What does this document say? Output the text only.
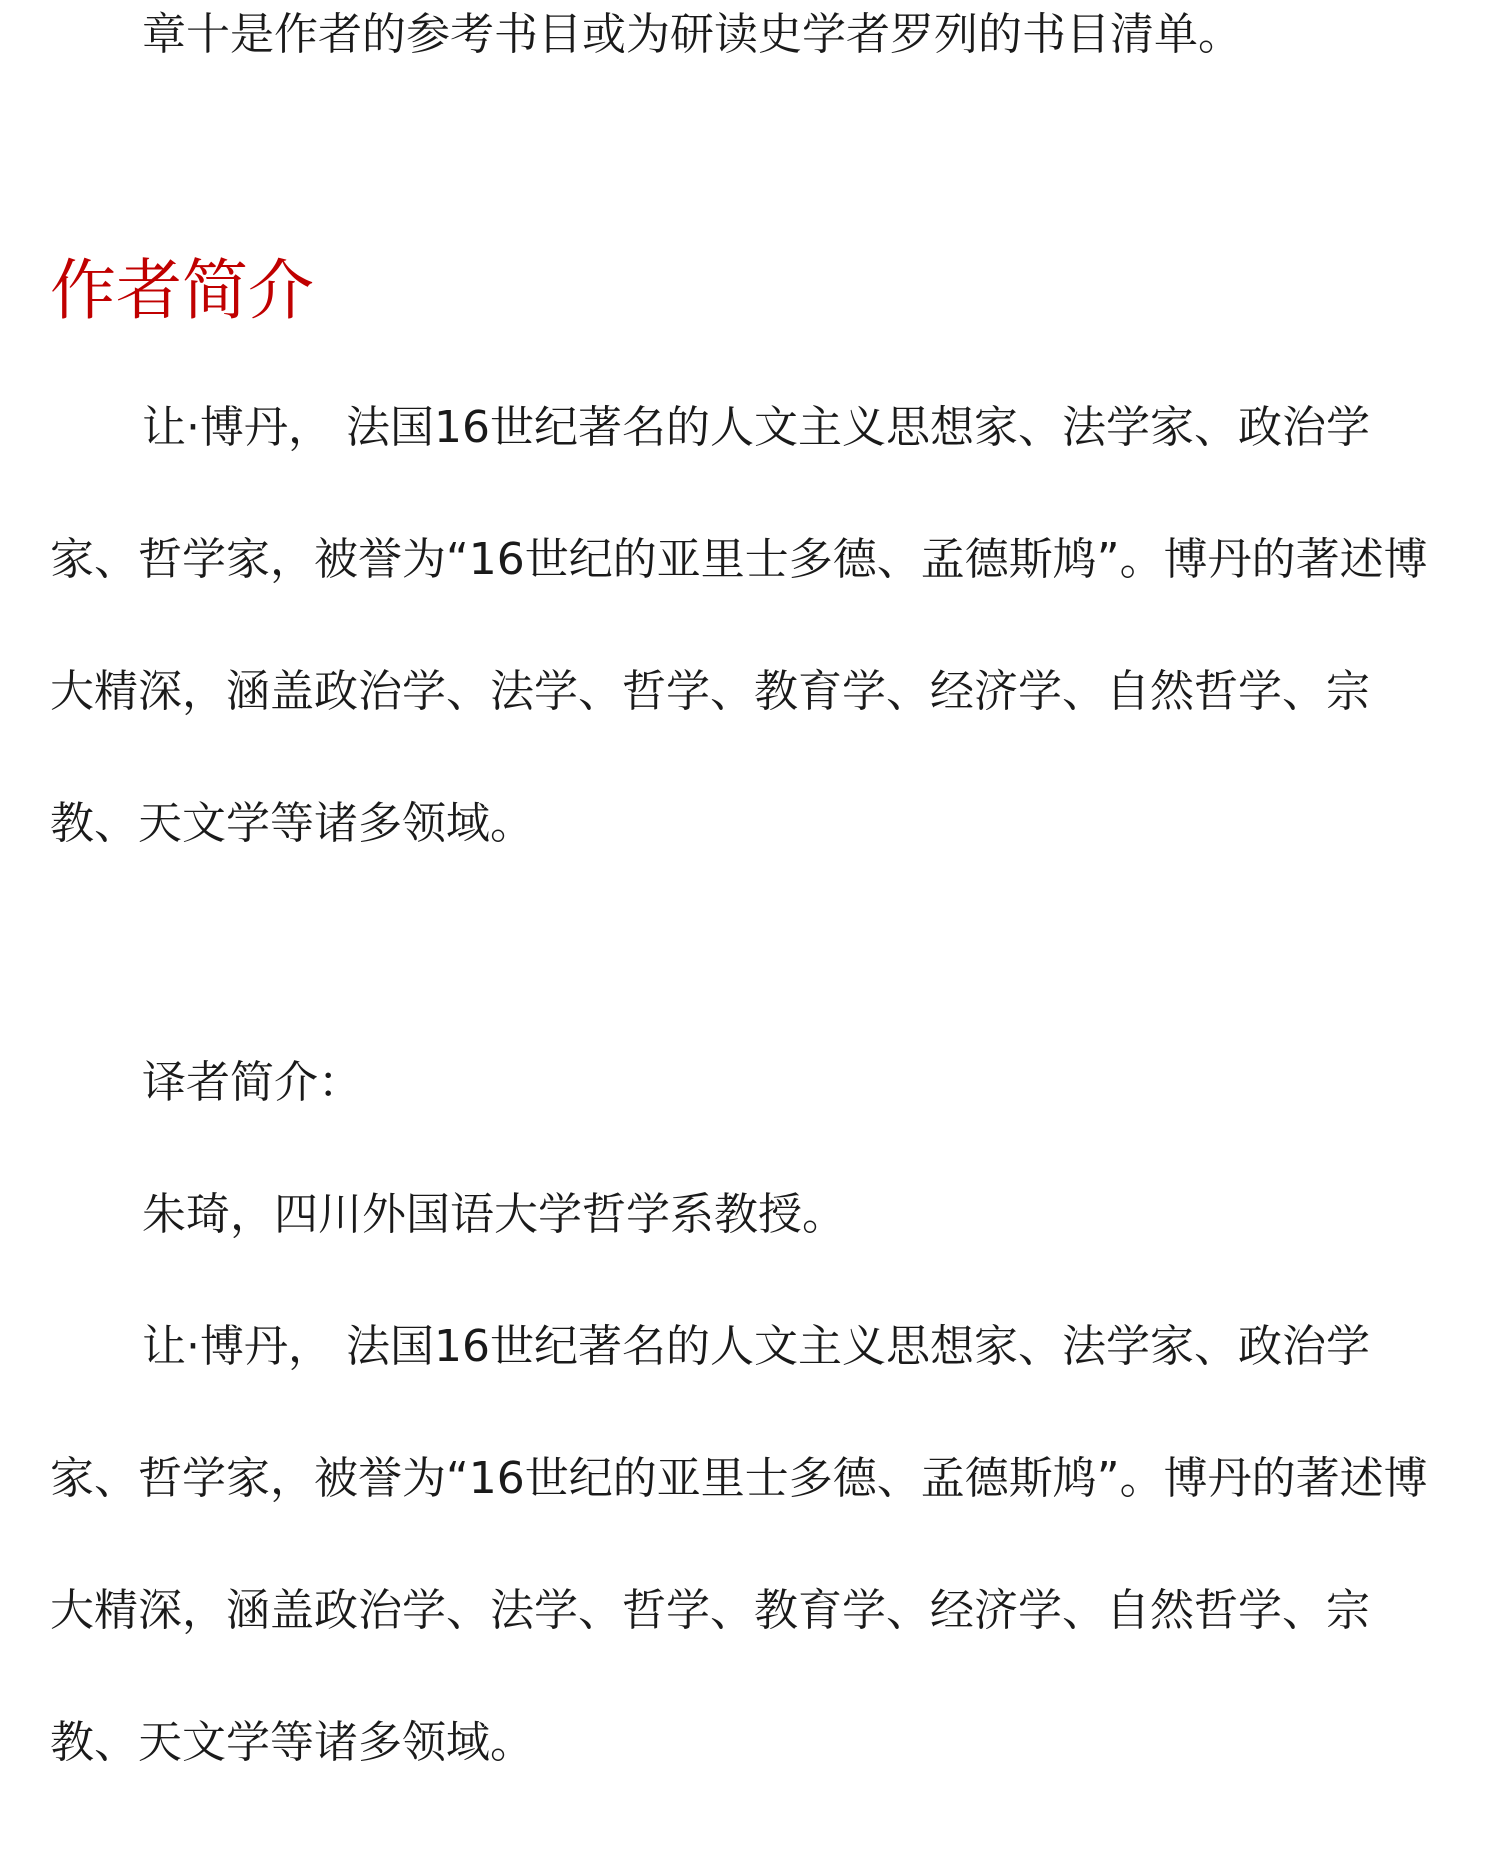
章十是作者的参考书目或为研读史学者罗列的书目清单。

作者简介

让·博丹， 法国16世纪著名的人文主义思想家、法学家、政治学家、哲学家，被誉为“16世纪的亚里士多德、孟德斯鸠”。博丹的著述博大精深，涵盖政治学、法学、哲学、教育学、经济学、自然哲学、宗教、天文学等诸多领域。

译者简介：

朱琦，四川外国语大学哲学系教授。

让·博丹， 法国16世纪著名的人文主义思想家、法学家、政治学家、哲学家，被誉为“16世纪的亚里士多德、孟德斯鸠”。博丹的著述博大精深，涵盖政治学、法学、哲学、教育学、经济学、自然哲学、宗教、天文学等诸多领域。
